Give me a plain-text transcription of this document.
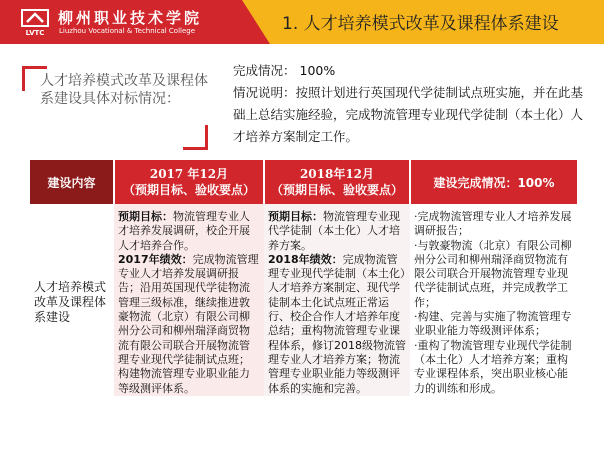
LVTC
柳州职业技术学院
Liuzhou Vocational & Technical College	1. 人才培养模式改革及课程体系建设
人才培养模式改革及课程体系建设具体对标情况：
完成情况： 100%
情况说明：按照计划进行英国现代学徒制试点班实施，并在此基础上总结实施经验，完成物流管理专业现代学徒制（本土化）人才培养方案制定工作。
建设内容	2017 年12月
（预期目标、验收要点）	2018年12月
（预期目标、验收要点）	建设完成情况：100%
人才培养模式改革及课程体系建设	预期目标：物流管理专业人才培养发展调研，校企开展人才培养合作。
2017年绩效：完成物流管理专业人才培养发展调研报告；沿用英国现代学徒物流管理三级标准，继续推进敦豪物流（北京）有限公司柳州分公司和柳州瑞泽商贸物流有限公司联合开展物流管理专业现代学徒制试点班；构建物流管理专业职业能力等级测评体系。	预期目标：物流管理专业现代学徒制（本土化）人才培养方案。
2018年绩效：完成物流管理专业现代学徒制（本土化）人才培养方案制定、现代学徒制本土化试点班正常运行、校企合作人才培养年度总结；重构物流管理专业课程体系，修订2018级物流管理专业人才培养方案；物流管理专业职业能力等级测评体系的实施和完善。	·完成物流管理专业人才培养发展调研报告；
·与敦豪物流（北京）有限公司柳州分公司和柳州瑞泽商贸物流有限公司联合开展物流管理专业现代学徒制试点班，并完成教学工作；
·构建、完善与实施了物流管理专业职业能力等级测评体系；
·重构了物流管理专业现代学徒制（本土化）人才培养方案；重构专业课程体系，突出职业核心能力的训练和形成。
